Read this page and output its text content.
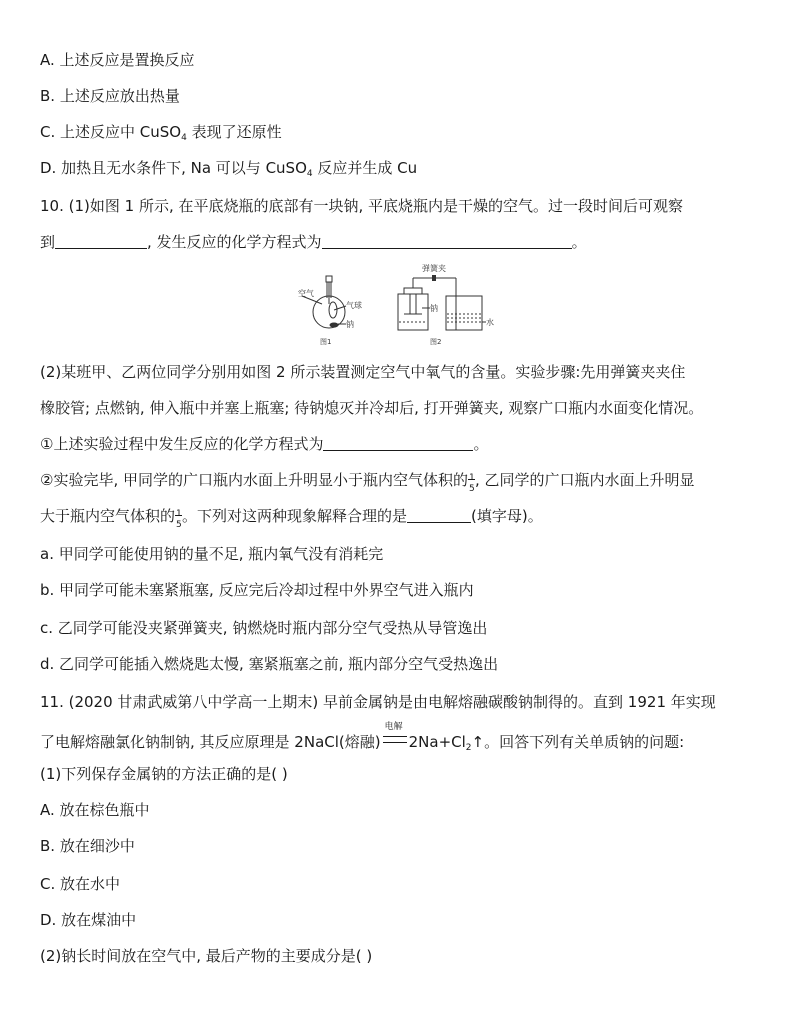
A. 上述反应是置换反应
B. 上述反应放出热量
C. 上述反应中 CuSO$_4$ 表现了还原性
D. 加热且无水条件下, Na 可以与 CuSO$_4$ 反应并生成 Cu
10. (1)如图 1 所示, 在平底烧瓶的底部有一块钠, 平底烧瓶内是干燥的空气。过一段时间后可观察
到	, 发生反应的化学方程式为	。
空气
气球
钠
图1
弹簧夹
钠
水
图2
(2)某班甲、乙两位同学分别用如图 2 所示装置测定空气中氧气的含量。实验步骤:先用弹簧夹夹住
橡胶管; 点燃钠, 伸入瓶中并塞上瓶塞; 待钠熄灭并冷却后, 打开弹簧夹, 观察广口瓶内水面变化情况。
①上述实验过程中发生反应的化学方程式为	。
②实验完毕, 甲同学的广口瓶内水面上升明显小于瓶内空气体积的 1
5 , 乙同学的广口瓶内水面上升明显
大于瓶内空气体积的 1
5 。下列对这两种现象解释合理的是	(填字母)。
a. 甲同学可能使用钠的量不足, 瓶内氧气没有消耗完
b. 甲同学可能未塞紧瓶塞, 反应完后冷却过程中外界空气进入瓶内
c. 乙同学可能没夹紧弹簧夹, 钠燃烧时瓶内部分空气受热从导管逸出
d. 乙同学可能插入燃烧匙太慢, 塞紧瓶塞之前, 瓶内部分空气受热逸出
11. (2020 甘肃武威第八中学高一上期末) 早前金属钠是由电解熔融碳酸钠制得的。直到 1921 年实现
了电解熔融氯化钠制钠, 其反应原理是 2NaCl(熔融)
电解
$2Na+Cl_2↑$。回答下列有关单质钠的问题:
(1)下列保存金属钠的方法正确的是( )
A. 放在棕色瓶中
B. 放在细沙中
C. 放在水中
D. 放在煤油中
(2)钠长时间放在空气中, 最后产物的主要成分是( )
